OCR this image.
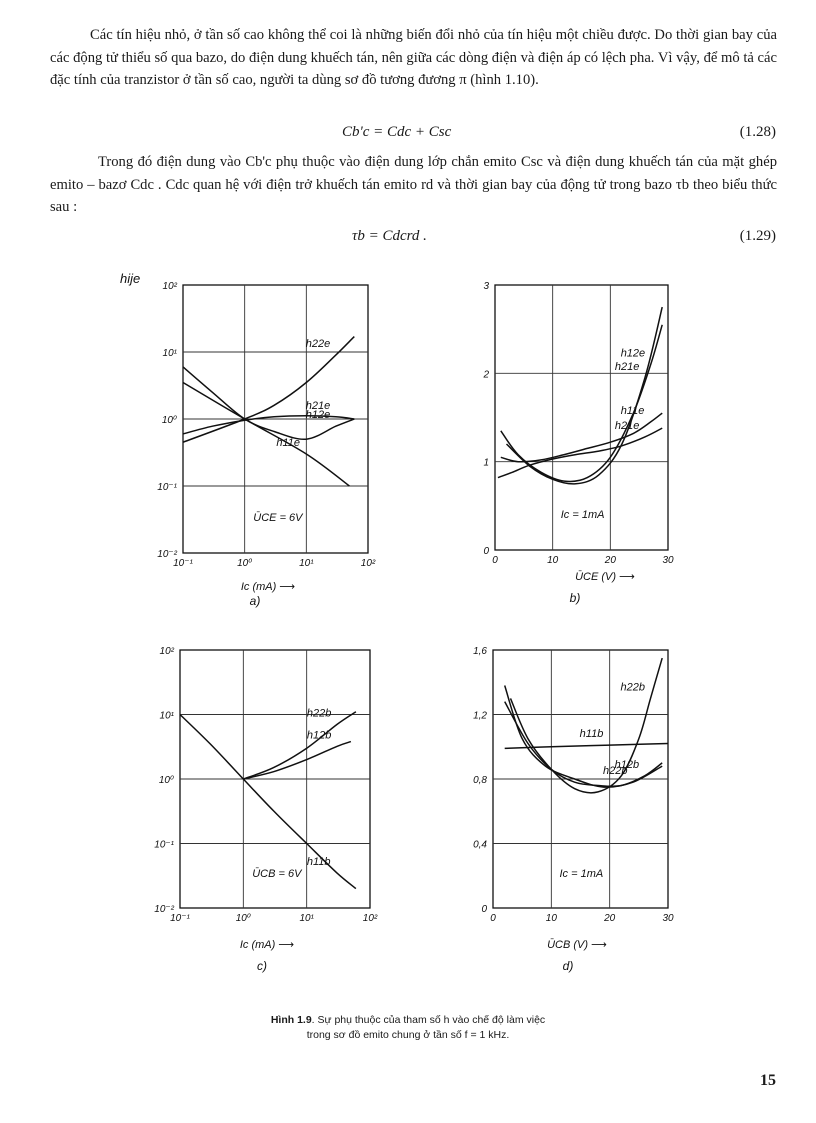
Các tín hiệu nhỏ, ở tần số cao không thể coi là những biến đổi nhỏ của tín hiệu một chiều được. Do thời gian bay của các động tử thiểu số qua bazo, do điện dung khuếch tán, nên giữa các dòng điện và điện áp có lệch pha. Vì vậy, để mô tả các đặc tính của tranzistor ở tần số cao, người ta dùng sơ đồ tương đương π (hình 1.10).
Cb'c = Cdc + Csc	(1.28)
Trong đó điện dung vào Cb'c phụ thuộc vào điện dung lớp chắn emito Csc và điện dung khuếch tán của mặt ghép emito – bazơ Cdc . Cdc quan hệ với điện trở khuếch tán emito rd và thời gian bay của động tử trong bazo τb theo biểu thức sau :
τb = Cdcrd .	(1.29)
10⁻¹	10⁰	10¹	10²
10²
10¹
10⁰
10⁻¹
10⁻²
h22e
h12e
h11e
h21e
ŪCE = 6V
Ic (mA) ⟶
hije
a)
0	10	20	30
3
2
1
0
h21e
h12e
h11e
h21e
Ic = 1mA
ŪCE (V) ⟶
b)
10⁻¹	10⁰	10¹	10²
10²
10¹
10⁰
10⁻¹
10⁻²
h22b
h12b
h11b
ŪCB = 6V
Ic (mA) ⟶
c)
0	10	20	30
1,6
1,2
0,8
0,4
0
h22b
h11b
h22b
h12b
Ic = 1mA
ŪCB (V) ⟶
d)
Hình 1.9. Sự phụ thuộc của tham số h vào chế độ làm việc
trong sơ đồ emito chung ở tần số f = 1 kHz.
15
